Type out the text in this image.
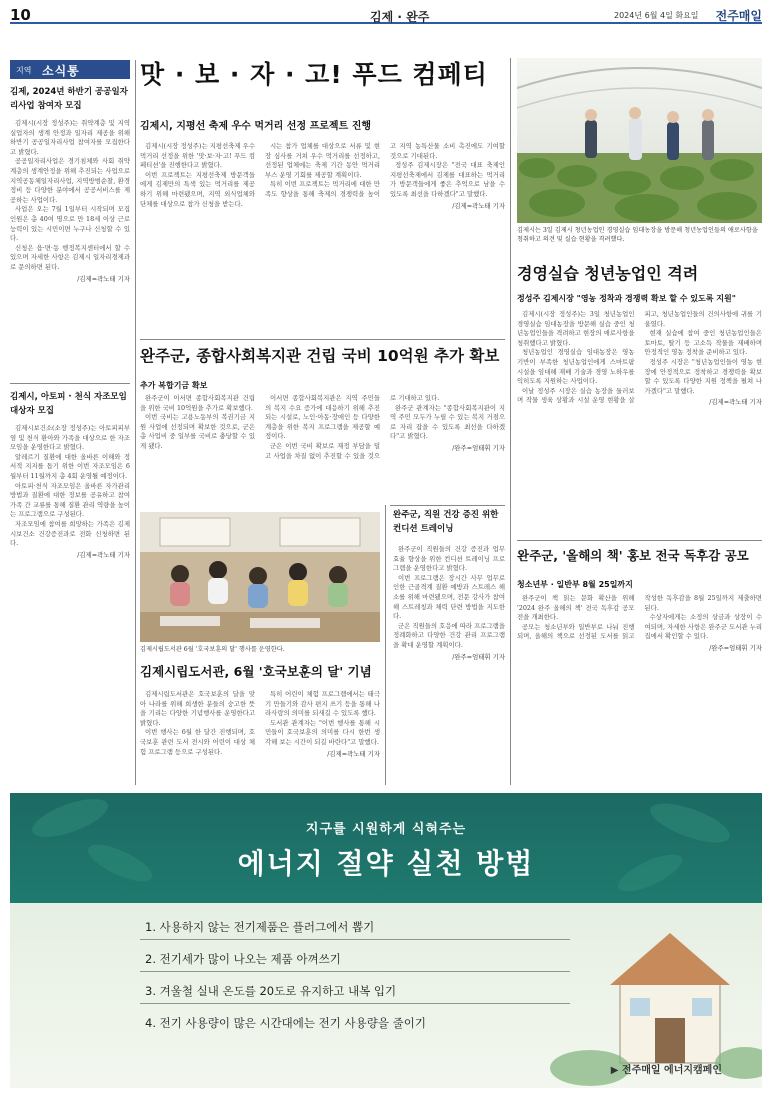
10	김제 · 완주	2024년 6월 4일 화요일 전주매일
지역 소식통
김제, 2024년 하반기 공공일자리사업 참여자 모집

김제시(시장 정성주)는 취약계층 및 지역 실업자의 생계 안정과 일자리 제공을 위해 하반기 공공일자리사업 참여자를 모집한다고 밝혔다.

공공일자리사업은 경기침체와 사회 취약계층의 생계안정을 위해 추진되는 사업으로 지역공동체일자리사업, 지역방범순찰, 환경정비 등 다양한 분야에서 공공서비스를 제공하는 사업이다.

사업은 오는 7월 1일부터 시작되며 모집인원은 총 40여 명으로 만 18세 이상 근로능력이 있는 시민이면 누구나 신청할 수 있다.

신청은 읍·면·동 행정복지센터에서 할 수 있으며 자세한 사항은 김제시 일자리경제과로 문의하면 된다.

/김제=곽노태 기자
김제시, 아토피 · 천식 자조모임 대상자 모집

김제시보건소(소장 정성주)는 아토피피부염 및 천식 환아와 가족을 대상으로 한 자조모임을 운영한다고 밝혔다.

알레르기 질환에 대한 올바른 이해와 정서적 지지를 돕기 위한 이번 자조모임은 6월부터 11월까지 총 4회 운영될 예정이다.

아토피·천식 자조모임은 올바른 자가관리 방법과 질환에 대한 정보를 공유하고 참여 가족 간 교류를 통해 질환 관리 역량을 높이는 프로그램으로 구성된다.

자조모임에 참여를 희망하는 가족은 김제시보건소 건강증진과로 전화 신청하면 된다.

/김제=곽노태 기자
맛 · 보 · 자 · 고! 푸드 컴페티
김제시, 지평선 축제 우수 먹거리 선정 프로젝트 진행

김제시(시장 정성주)는 지평선축제 우수 먹거리 선정을 위한 '맛·보·자·고! 푸드 컴페티션'을 진행한다고 밝혔다.

이번 프로젝트는 지평선축제 방문객들에게 김제만의 특색 있는 먹거리를 제공하기 위해 마련됐으며, 지역 외식업체와 단체를 대상으로 참가 신청을 받는다.

시는 참가 업체를 대상으로 서류 및 현장 심사를 거쳐 우수 먹거리를 선정하고, 선정된 업체에는 축제 기간 동안 먹거리 부스 운영 기회를 제공할 계획이다.

특히 이번 프로젝트는 먹거리에 대한 만족도 향상을 통해 축제의 경쟁력을 높이고 지역 농특산물 소비 촉진에도 기여할 것으로 기대된다.

정성주 김제시장은 "전국 대표 축제인 지평선축제에서 김제를 대표하는 먹거리가 방문객들에게 좋은 추억으로 남을 수 있도록 최선을 다하겠다"고 말했다.

/김제=곽노태 기자
김제시는 3일 김제시 청년농업인 경영실습 임대농장을 방문해 청년농업인들의 애로사항을 청취하고 의견 및 실습 현황을 격려했다.
경영실습 청년농업인 격려
정성주 김제시장 "영농 정착과 경쟁력 확보 할 수 있도록 지원"

김제시(시장 정성주)는 3일 청년농업인 경영실습 임대농장을 방문해 실습 중인 청년농업인들을 격려하고 현장의 애로사항을 청취했다고 밝혔다.

청년농업인 경영실습 임대농장은 영농 기반이 부족한 청년농업인에게 스마트팜 시설을 임대해 재배 기술과 경영 노하우를 익히도록 지원하는 사업이다.

이날 정성주 시장은 실습 농장을 둘러보며 작물 생육 상황과 시설 운영 현황을 살피고, 청년농업인들의 건의사항에 귀를 기울였다.

현재 실습에 참여 중인 청년농업인들은 토마토, 딸기 등 고소득 작물을 재배하며 안정적인 영농 정착을 준비하고 있다.

정성주 시장은 "청년농업인들이 영농 현장에 안정적으로 정착하고 경쟁력을 확보할 수 있도록 다양한 지원 정책을 펼쳐 나가겠다"고 말했다.

/김제=곽노태 기자
완주군, 종합사회복지관 건립 국비 10억원 추가 확보
추가 복합기금 확보

완주군이 이서면 종합사회복지관 건립을 위한 국비 10억원을 추가로 확보했다.

이번 국비는 고용노동부의 복권기금 지원 사업에 선정되며 확보한 것으로, 군은 총 사업비 중 일부를 국비로 충당할 수 있게 됐다.

이서면 종합사회복지관은 지역 주민들의 복지 수요 증가에 대응하기 위해 추진되는 시설로, 노인·아동·장애인 등 다양한 계층을 위한 복지 프로그램을 제공할 예정이다.

군은 이번 국비 확보로 재정 부담을 덜고 사업을 차질 없이 추진할 수 있을 것으로 기대하고 있다.

완주군 관계자는 "종합사회복지관이 지역 주민 모두가 누릴 수 있는 복지 거점으로 자리 잡을 수 있도록 최선을 다하겠다"고 밝혔다.

/완주=엄태휘 기자
김제시립도서관 6월 '호국보훈의 달' 행사를 운영한다.
김제시립도서관, 6월 '호국보훈의 달' 기념

김제시립도서관은 호국보훈의 달을 맞아 나라를 위해 희생한 분들의 숭고한 뜻을 기리는 다양한 기념행사를 운영한다고 밝혔다.

이번 행사는 6월 한 달간 진행되며, 호국보훈 관련 도서 전시와 어린이 대상 체험 프로그램 등으로 구성된다.

특히 어린이 체험 프로그램에서는 태극기 만들기와 감사 편지 쓰기 등을 통해 나라사랑의 의미를 되새길 수 있도록 했다.

도서관 관계자는 "이번 행사를 통해 시민들이 호국보훈의 의미를 다시 한번 생각해 보는 시간이 되길 바란다"고 말했다.

/김제=곽노태 기자
완주군, 직원 건강 증진 위한 컨디션 트레이닝

완주군이 직원들의 건강 증진과 업무 효율 향상을 위한 컨디션 트레이닝 프로그램을 운영한다고 밝혔다.

이번 프로그램은 장시간 사무 업무로 인한 근골격계 질환 예방과 스트레스 해소를 위해 마련됐으며, 전문 강사가 참여해 스트레칭과 체력 단련 방법을 지도한다.

군은 직원들의 호응에 따라 프로그램을 정례화하고 다양한 건강 관리 프로그램을 확대 운영할 계획이다.

/완주=엄태휘 기자
완주군, '올해의 책' 홍보 전국 독후감 공모
청소년부 · 일반부 8월 25일까지

완주군이 책 읽는 문화 확산을 위해 '2024 완주 올해의 책' 전국 독후감 공모전을 개최한다.

공모는 청소년부와 일반부로 나눠 진행되며, 올해의 책으로 선정된 도서를 읽고 작성한 독후감을 8월 25일까지 제출하면 된다.

수상자에게는 소정의 상금과 상장이 수여되며, 자세한 사항은 완주군 도서관 누리집에서 확인할 수 있다.

/완주=엄태휘 기자
지구를 시원하게 식혀주는
에너지 절약 실천 방법
1. 사용하지 않는 전기제품은 플러그에서 뽑기
2. 전기세가 많이 나오는 제품 아껴쓰기
3. 겨울철 실내 온도를 20도로 유지하고 내복 입기
4. 전기 사용량이 많은 시간대에는 전기 사용량을 줄이기
▶ 전주매일 에너지캠페인
